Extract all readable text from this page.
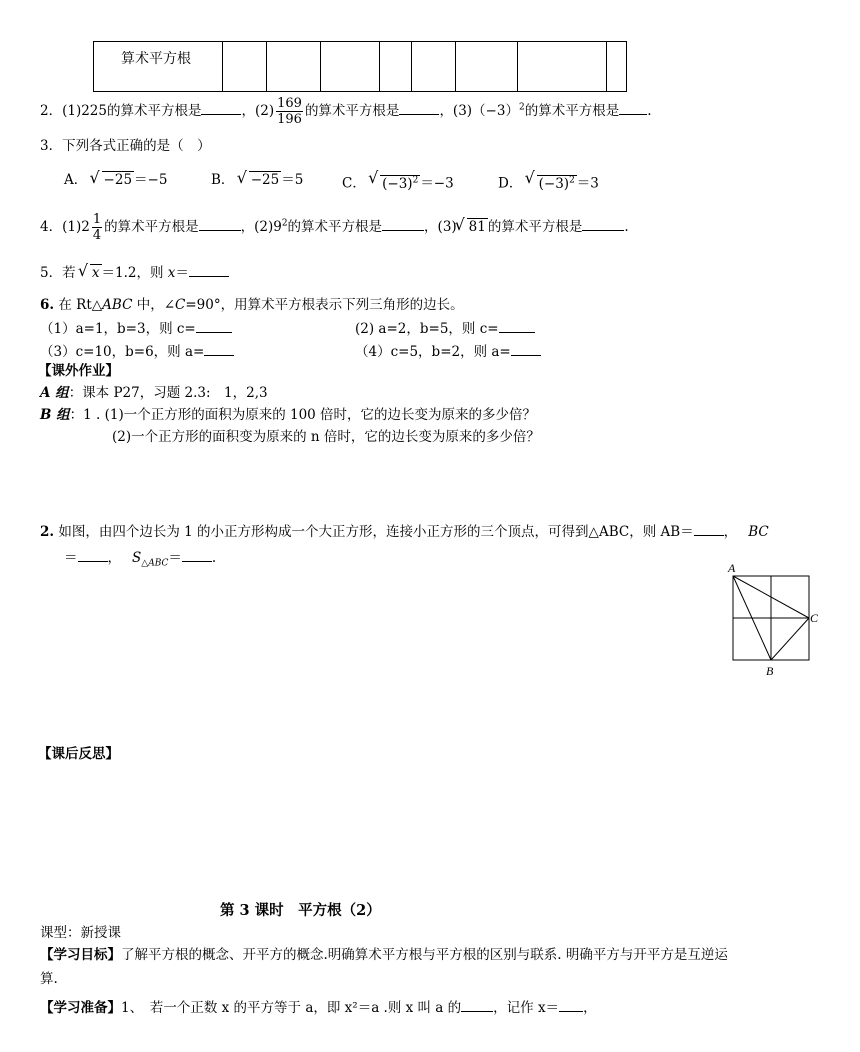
算术平方根								
2．(1)225的算术平方根是	，$(2) \frac{169}{196}$ 的算术平方根是	，$(3)(-3)^2$的算术平方根是 .
3．下列各式正确的是（　）
A． √ −25 ＝−5	B． √ −25 ＝5	C． √ $(-3)^2 =-3$	D． √ $(-3)^2 =3$
4．$(1)2 \frac{1}{4}$ 的算术平方根是	，$(2)9^2$的算术平方根是	，(3) √ 81 的算术平方根是	.
5．若 √ x ＝1.2，则 x＝
6. 在 Rt△ABC 中，∠C=90°，用算术平方根表示下列三角形的边长。
（1）a=1，b=3，则 c=	(2) a=2，b=5，则 c=
（3）c=10，b=6，则 a=	（4）c=5，b=2，则 a=
【课外作业】
A 组：课本 P27，习题 2.3:　1，2,3
B 组：1 . (1)一个正方形的面积为原来的 100 倍时，它的边长变为原来的多少倍？
(2)一个正方形的面积变为原来的 n 倍时，它的边长变为原来的多少倍？
2. 如图，由四个边长为 1 的小正方形构成一个大正方形，连接小正方形的三个顶点，可得到△ABC，则 AB＝ ，　 BC
＝ ，　 $S_{\triangle ABC}=$ .
A
B
C
【课后反思】
第 3 课时　平方根（2）
课型：新授课
【学习目标】了解平方根的概念、开平方的概念.明确算术平方根与平方根的区别与联系. 明确平方与开平方是互逆运
算.
【学习准备】1、　若一个正数 x 的平方等于 a，即 x²＝a .则 x 叫 a 的 ，记作 x＝ ，
